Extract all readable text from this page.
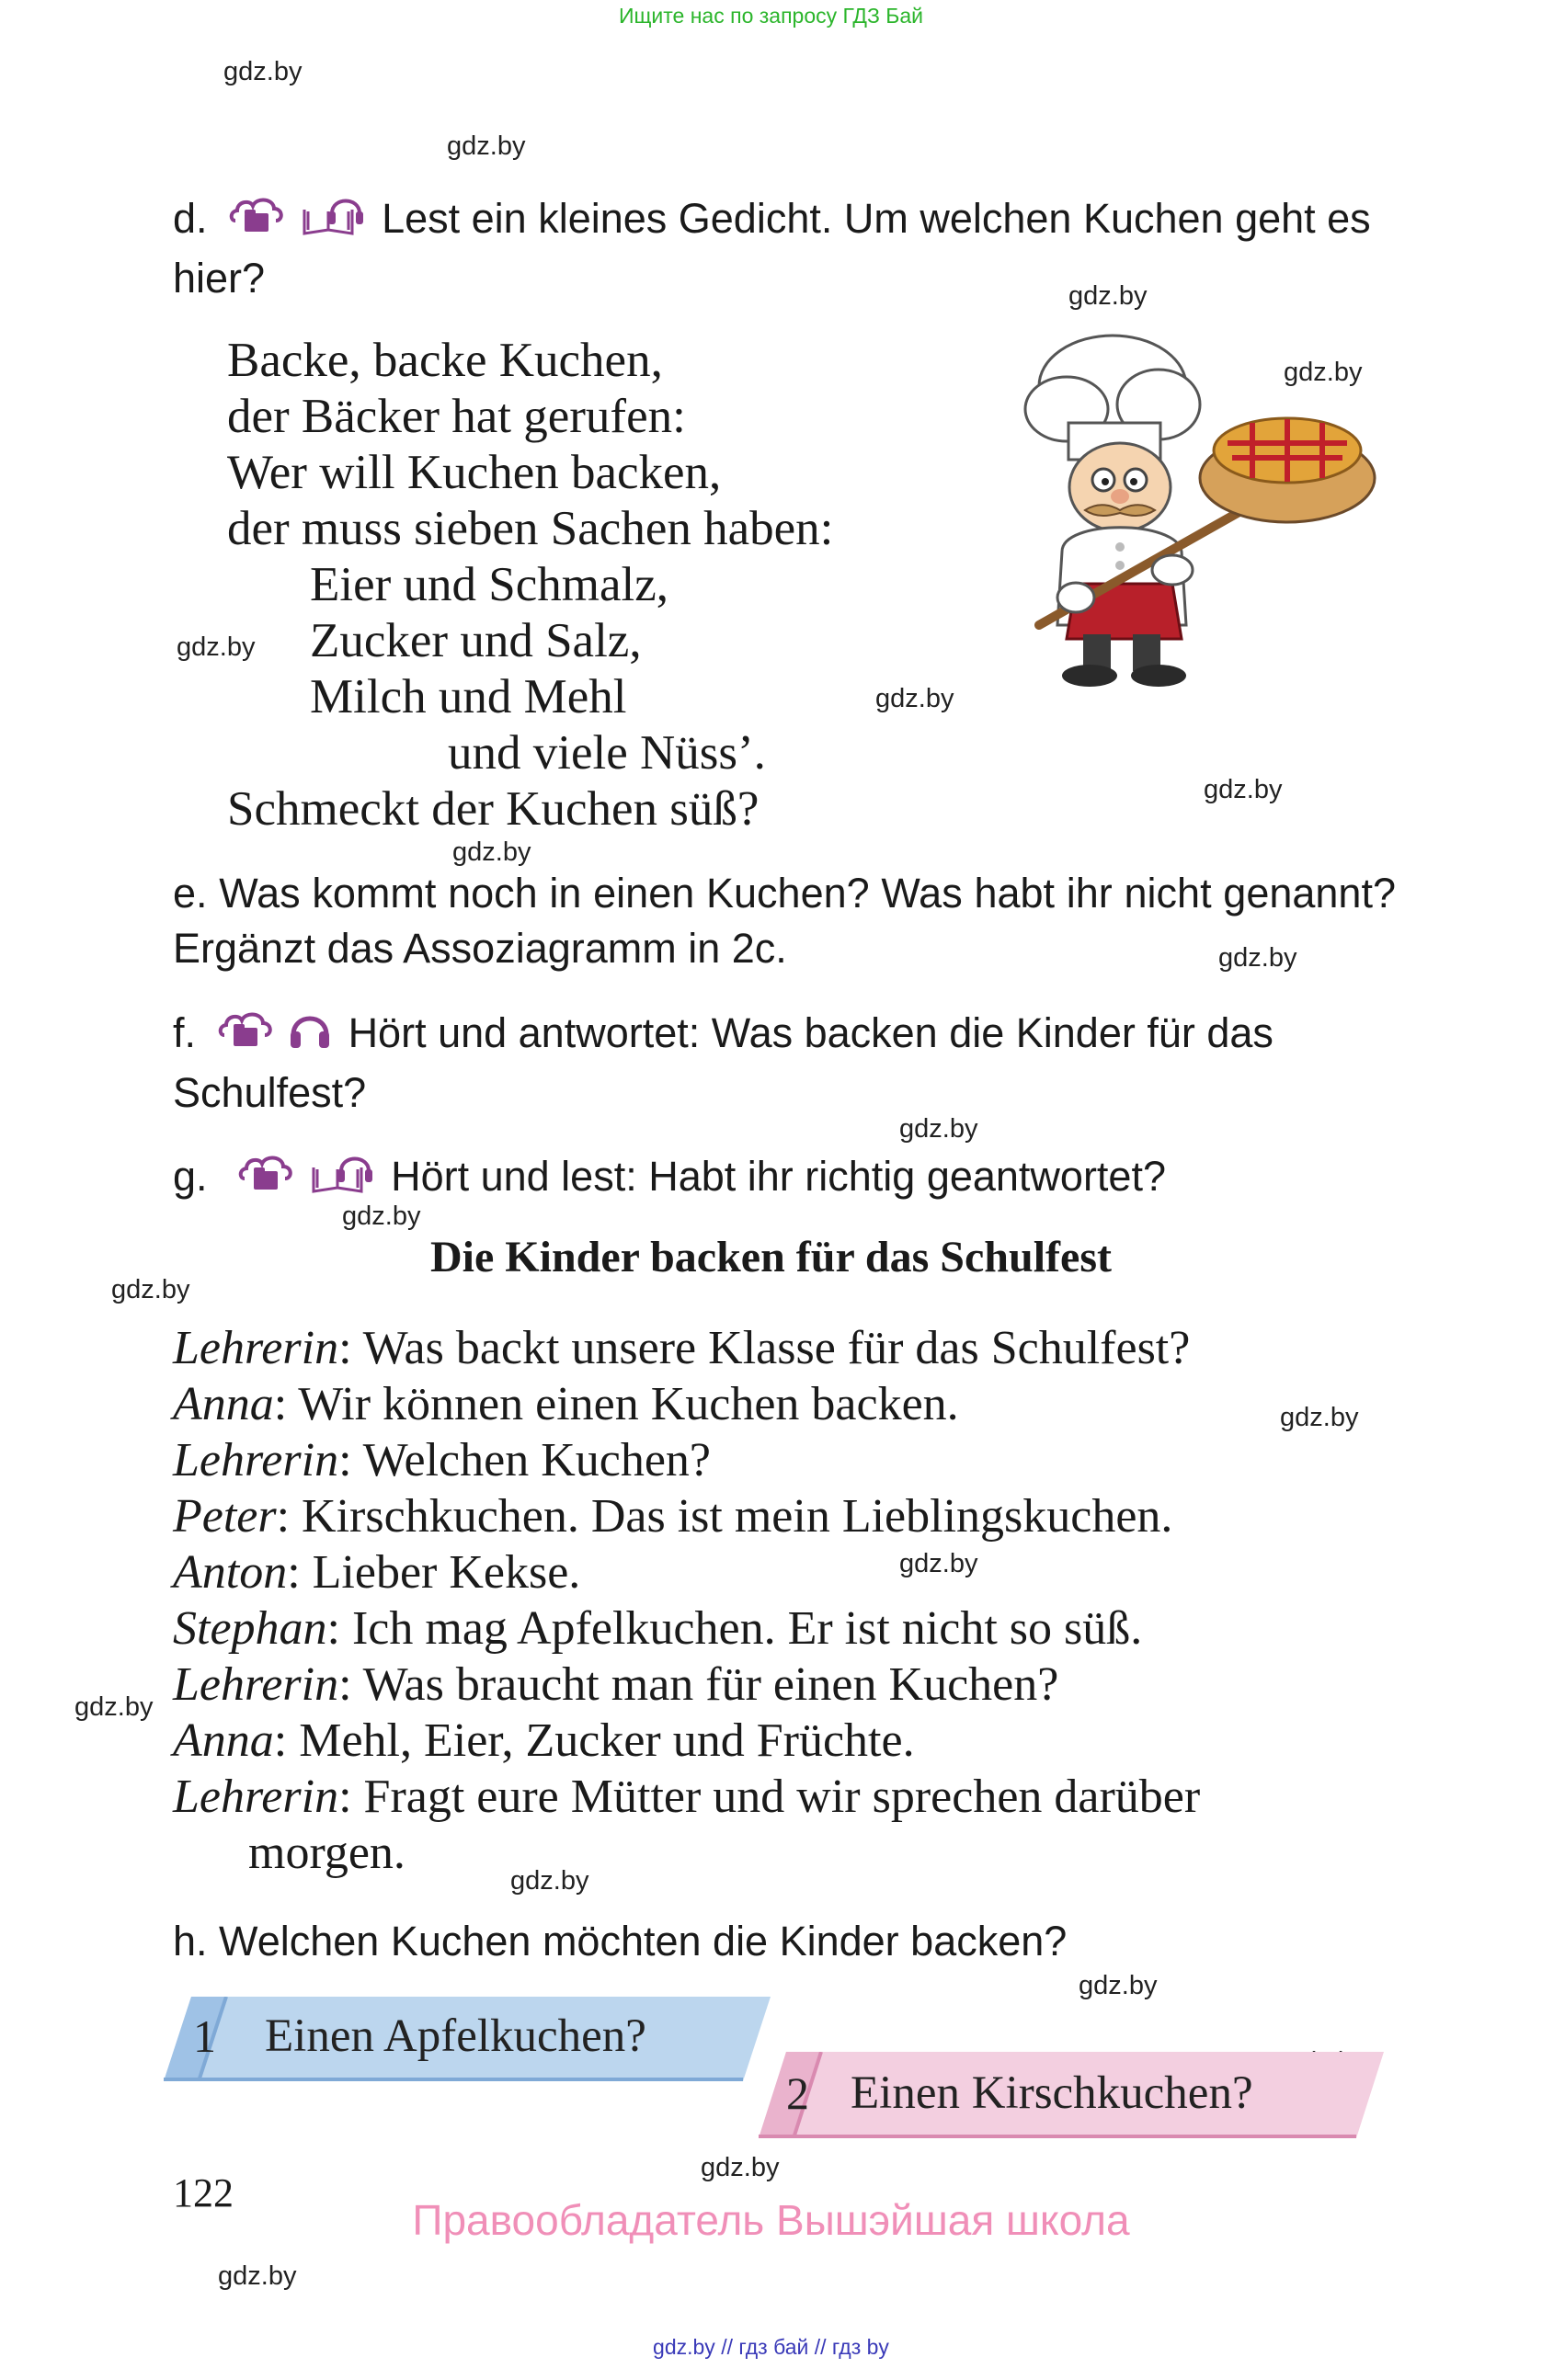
Ищите нас по запросу ГДЗ Бай
gdz.by
gdz.by
gdz.by
gdz.by
gdz.by
gdz.by
gdz.by
gdz.by
gdz.by
gdz.by
gdz.by
gdz.by
gdz.by
gdz.by
gdz.by
gdz.by
gdz.by
gdz.by
gdz.by
d.	Lest ein kleines Gedicht. Um welchen Kuchen geht es hier?
Backe, backe Kuchen,
der Bäcker hat gerufen:
Wer will Kuchen backen,
der muss sieben Sachen haben:
Eier und Schmalz,
Zucker und Salz,
Milch und Mehl
und viele Nüss’.
Schmeckt der Kuchen süß?
e. Was kommt noch in einen Kuchen? Was habt ihr nicht genannt? Ergänzt das Assoziagramm in 2c.
f.	Hört und antwortet: Was backen die Kinder für das Schulfest?
g.	Hört und lest: Habt ihr richtig geantwortet?
Die Kinder backen für das Schulfest
Lehrerin: Was backt unsere Klasse für das Schulfest?
Anna: Wir können einen Kuchen backen.
Lehrerin: Welchen Kuchen?
Peter: Kirschkuchen. Das ist mein Lieblingskuchen.
Anton: Lieber Kekse.
Stephan: Ich mag Apfelkuchen. Er ist nicht so süß.
Lehrerin: Was braucht man für einen Kuchen?
Anna: Mehl, Eier, Zucker und Früchte.
Lehrerin: Fragt eure Mütter und wir sprechen darüber
morgen.
h. Welchen Kuchen möchten die Kinder backen?
1 Einen Apfelkuchen?
2 Einen Kirschkuchen?
122
Правообладатель Вышэйшая школа
gdz.by // гдз бай // гдз by
